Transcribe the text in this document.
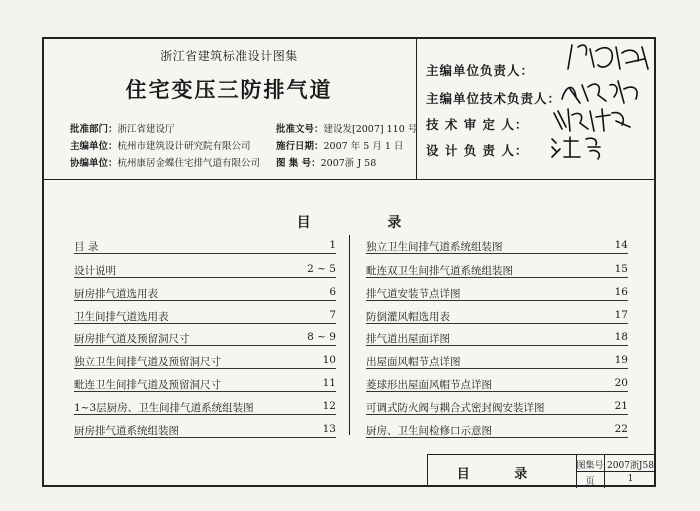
浙江省建筑标准设计图集
住宅变压三防排气道
批准部门：浙江省建设厅	批准文号：建设发[2007] 110 号
主编单位：杭州市建筑设计研究院有限公司	施行日期：2007 年 5 月 1 日
协编单位：杭州康居金蝶住宅排气道有限公司 图 集 号：2007浙 J 58
主编单位负责人：
主编单位技术负责人：
技 术 审 定 人：
设 计 负 责 人：
目 录
目 录	1
设计说明	2 ~ 5
厨房排气道选用表	6
卫生间排气道选用表	7
厨房排气道及预留洞尺寸	8 ~ 9
独立卫生间排气道及预留洞尺寸	10
毗连卫生间排气道及预留洞尺寸	11
1~3层厨房、卫生间排气道系统组装图	12
厨房排气道系统组装图	13
独立卫生间排气道系统组装图	14
毗连双卫生间排气道系统组装图	15
排气道安装节点详图	16
防倒灌风帽选用表	17
排气道出屋面详图	18
出屋面风帽节点详图	19
菱球形出屋面风帽节点详图	20
可调式防火阀与耦合式密封阀安装详图	21
厨房、卫生间检修口示意图	22
目 录
图集号 2007浙J58
页	1
